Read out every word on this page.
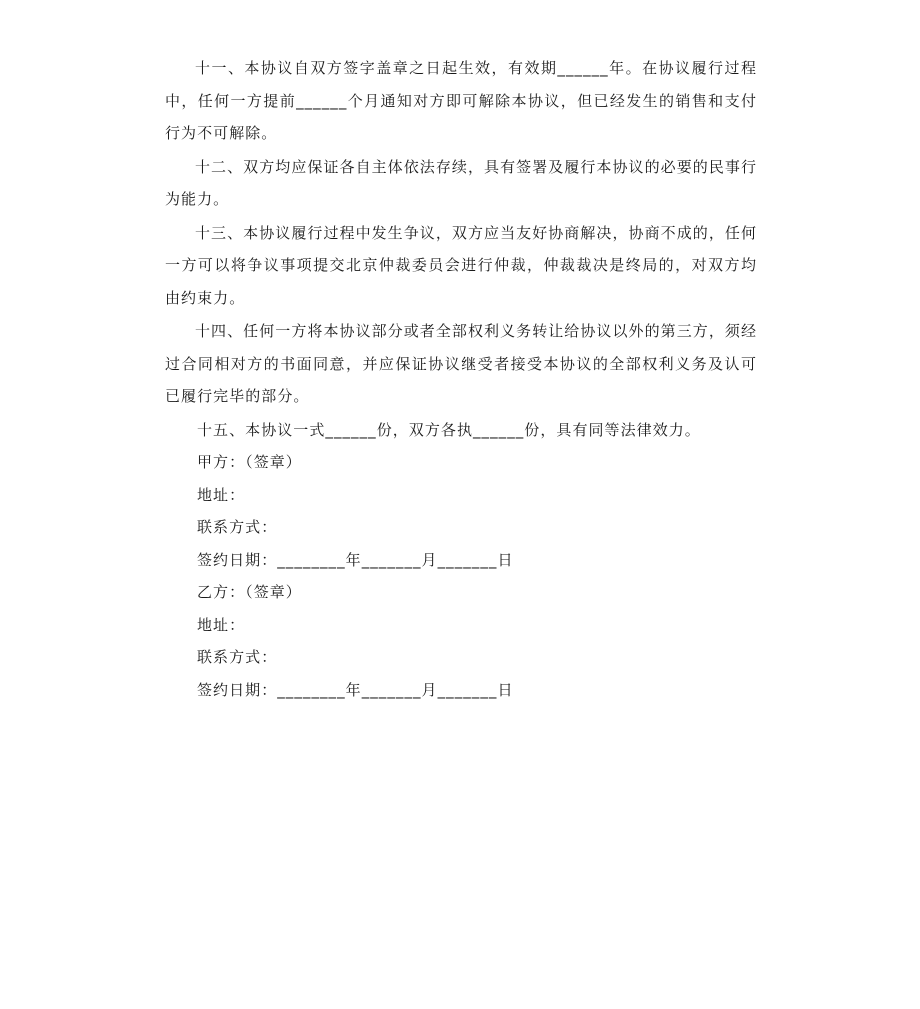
十一、本协议自双方签字盖章之日起生效，有效期______年。在协议履行过程中，任何一方提前______个月通知对方即可解除本协议，但已经发生的销售和支付行为不可解除。

十二、双方均应保证各自主体依法存续，具有签署及履行本协议的必要的民事行为能力。

十三、本协议履行过程中发生争议，双方应当友好协商解决，协商不成的，任何一方可以将争议事项提交北京仲裁委员会进行仲裁，仲裁裁决是终局的，对双方均由约束力。

十四、任何一方将本协议部分或者全部权利义务转让给协议以外的第三方，须经过合同相对方的书面同意，并应保证协议继受者接受本协议的全部权利义务及认可已履行完毕的部分。

十五、本协议一式______份，双方各执______份，具有同等法律效力。
甲方：（签章）
地址：
联系方式：
签约日期：________年_______月_______日
乙方：（签章）
地址：
联系方式：
签约日期：________年_______月_______日
